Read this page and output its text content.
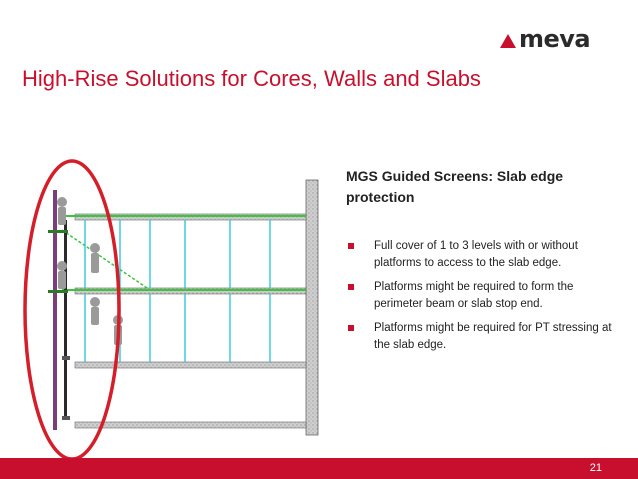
meva
High-Rise Solutions for Cores, Walls and Slabs
MGS Guided Screens: Slab edge protection
Full cover of 1 to 3 levels with or without platforms to access to the slab edge.
Platforms might be required to form the perimeter beam or slab stop end.
Platforms might be required for PT stressing at the slab edge.
21
